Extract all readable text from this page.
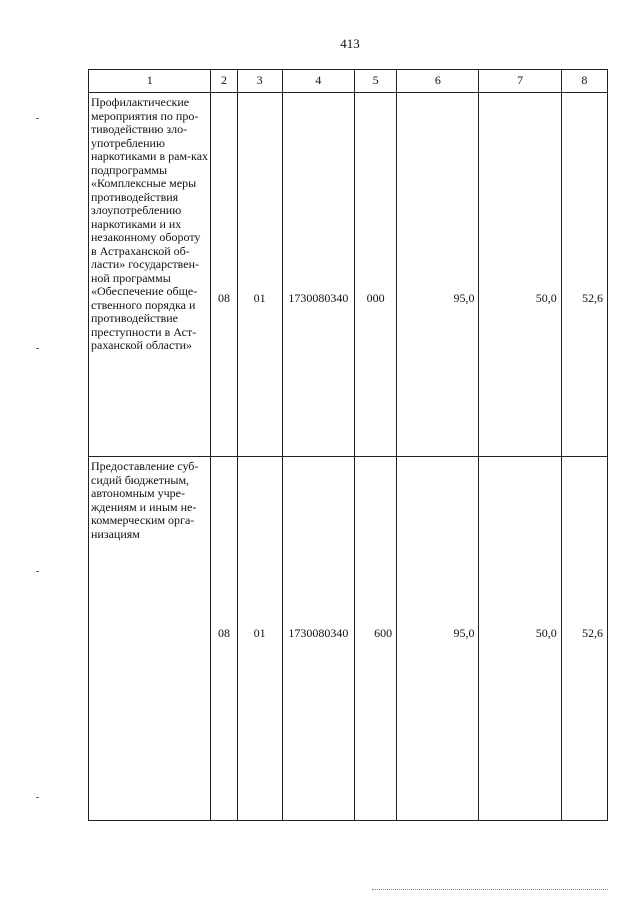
413
1	2	3	4	5	6	7	8
Профилактические мероприятия по про-тиводействию зло-употреблению наркотиками в рам-ках подпрограммы «Комплексные меры противодействия злоупотреблению наркотиками и их незаконному обороту в Астраханской об-ласти» государствен-ной программы «Обеспечение обще-ственного порядка и противодействие преступности в Аст-раханской области»	08	01	1730080340	000	95,0	50,0	52,6

Предоставление суб-сидий бюджетным, автономным учре-ждениям и иным не-коммерческим орга-низациям	08	01	1730080340	600	95,0	50,0	52,6
